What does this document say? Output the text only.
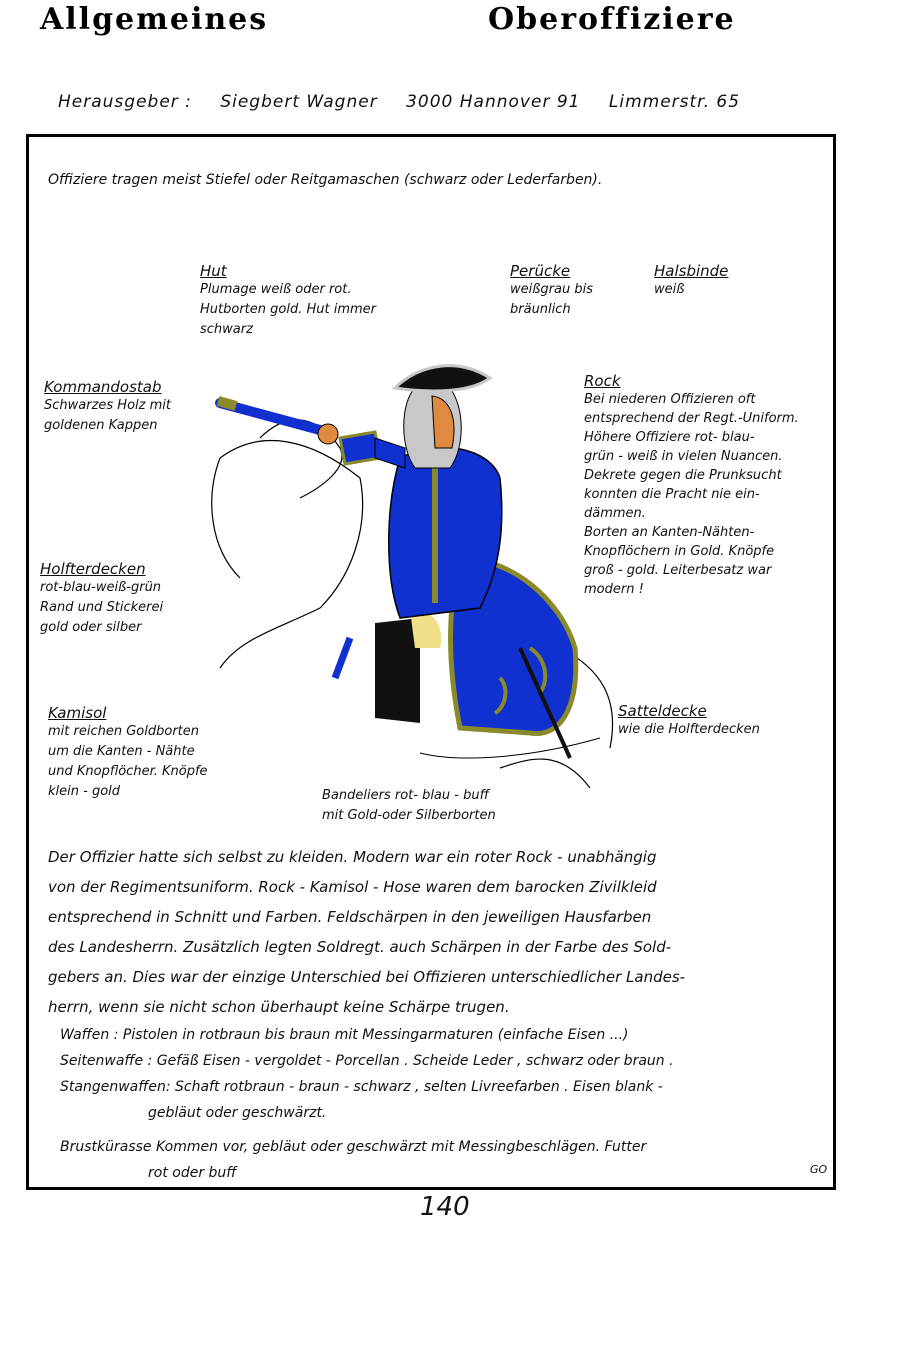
Allgemeines	Oberoffiziere
Herausgeber : Siegbert Wagner 3000 Hannover 91 Limmerstr. 65
Offiziere tragen meist Stiefel oder Reitgamaschen (schwarz oder Lederfarben).
Hut
Plumage weiß oder rot.
Hutborten gold. Hut immer
schwarz
Perücke
weißgrau bis
bräunlich
Halsbinde
weiß
Kommandostab
Schwarzes Holz mit
goldenen Kappen
Rock
Bei niederen Offizieren oft
entsprechend der Regt.-Uniform.
Höhere Offiziere rot- blau-
grün - weiß in vielen Nuancen.
Dekrete gegen die Prunksucht
konnten die Pracht nie ein-
dämmen.
Borten an Kanten-Nähten-
Knopflöchern in Gold. Knöpfe
groß - gold. Leiterbesatz war
modern !
Holfterdecken
rot-blau-weiß-grün
Rand und Stickerei
gold oder silber
Kamisol
mit reichen Goldborten
um die Kanten - Nähte
und Knopflöcher. Knöpfe
klein - gold
Satteldecke
wie die Holfterdecken
Bandeliers rot- blau - buff
mit Gold-oder Silberborten
Der Offizier hatte sich selbst zu kleiden. Modern war ein roter Rock - unabhängig
von der Regimentsuniform. Rock - Kamisol - Hose waren dem barocken Zivilkleid
entsprechend in Schnitt und Farben. Feldschärpen in den jeweiligen Hausfarben
des Landesherrn. Zusätzlich legten Soldregt. auch Schärpen in der Farbe des Sold-
gebers an. Dies war der einzige Unterschied bei Offizieren unterschiedlicher Landes-
herrn, wenn sie nicht schon überhaupt keine Schärpe trugen.
Waffen : Pistolen in rotbraun bis braun mit Messingarmaturen (einfache Eisen ...)
Seitenwaffe : Gefäß Eisen - vergoldet - Porcellan . Scheide Leder , schwarz oder braun .
Stangenwaffen: Schaft rotbraun - braun - schwarz , selten Livreefarben . Eisen blank -
gebläut oder geschwärzt.
Brustkürasse Kommen vor, gebläut oder geschwärzt mit Messingbeschlägen. Futter
rot oder buff	GO
140
